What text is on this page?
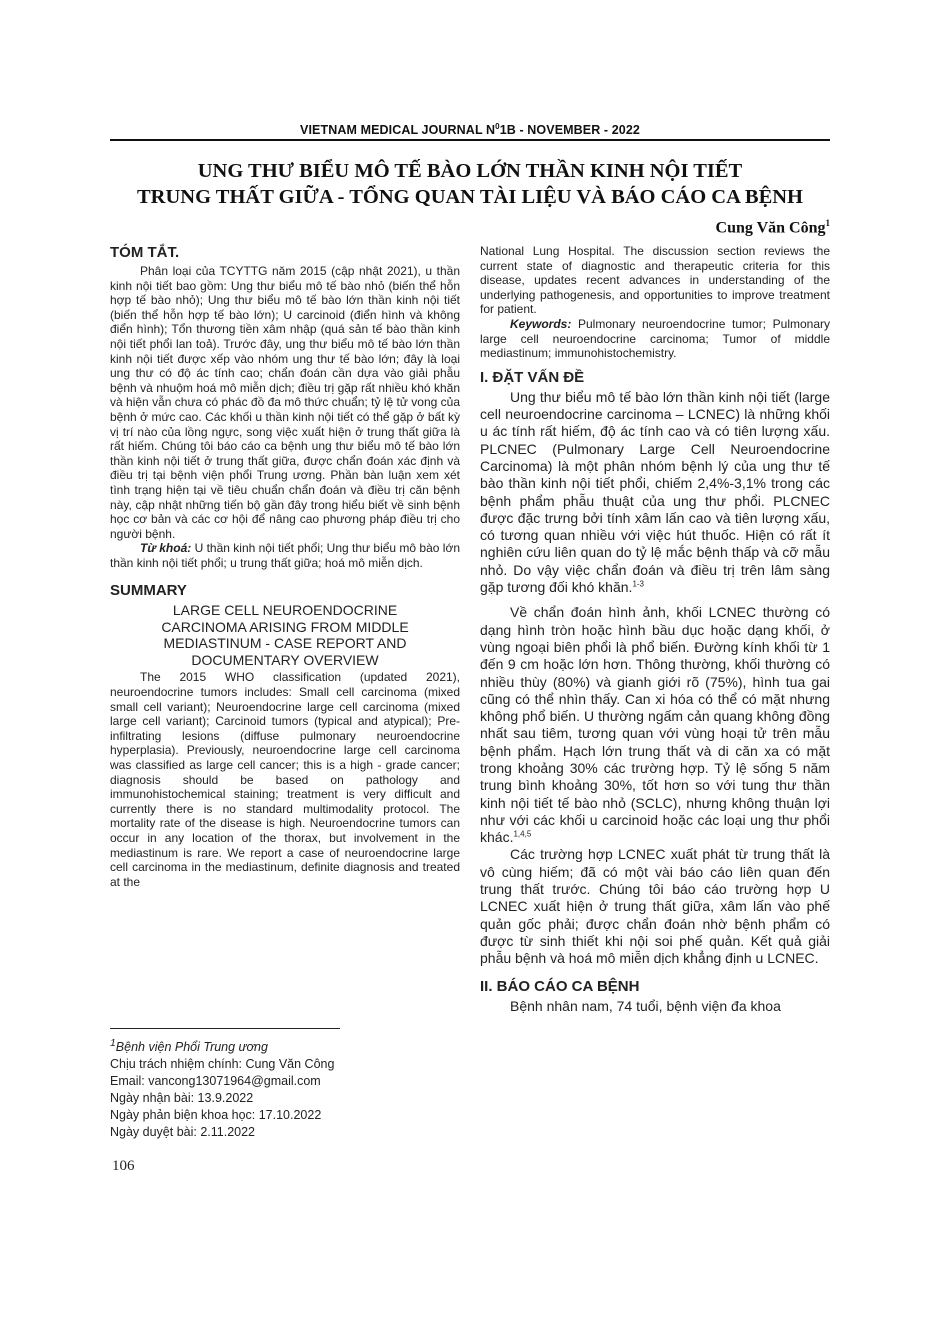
VIETNAM MEDICAL JOURNAL $N^01B$ - NOVEMBER - 2022
UNG THƯ BIỂU MÔ TẾ BÀO LỚN THẦN KINH NỘI TIẾT
TRUNG THẤT GIỮA - TỔNG QUAN TÀI LIỆU VÀ BÁO CÁO CA BỆNH
Cung Văn Công$^1$
TÓM TẮT.

Phân loại của TCYTTG năm 2015 (cập nhật 2021), u thần kinh nội tiết bao gồm: Ung thư biểu mô tế bào nhỏ (biến thể hỗn hợp tế bào nhỏ); Ung thư biểu mô tế bào lớn thần kinh nội tiết (biến thể hỗn hợp tế bào lớn); U carcinoid (điển hình và không điển hình); Tổn thương tiền xâm nhập (quá sản tế bào thần kinh nội tiết phổi lan toả). Trước đây, ung thư biểu mô tế bào lớn thần kinh nội tiết được xếp vào nhóm ung thư tế bào lớn; đây là loại ung thư có độ ác tính cao; chẩn đoán cần dựa vào giải phẫu bệnh và nhuộm hoá mô miễn dịch; điều trị gặp rất nhiều khó khăn và hiện vẫn chưa có phác đồ đa mô thức chuẩn; tỷ lệ tử vong của bệnh ở mức cao. Các khối u thần kinh nội tiết có thể gặp ở bất kỳ vị trí nào của lồng ngực, song việc xuất hiện ở trung thất giữa là rất hiếm. Chúng tôi báo cáo ca bệnh ung thư biểu mô tế bào lớn thần kinh nội tiết ở trung thất giữa, được chẩn đoán xác định và điều trị tại bệnh viện phổi Trung ương. Phần bàn luận xem xét tình trạng hiện tại về tiêu chuẩn chẩn đoán và điều trị căn bệnh này, cập nhật những tiến bộ gần đây trong hiểu biết về sinh bệnh học cơ bản và các cơ hội để nâng cao phương pháp điều trị cho người bệnh.

Từ khoá: U thần kinh nội tiết phổi; Ung thư biểu mô bào lớn thần kinh nội tiết phổi; u trung thất giữa; hoá mô miễn dịch.

SUMMARY
LARGE CELL NEUROENDOCRINE
CARCINOMA ARISING FROM MIDDLE
MEDIASTINUM - CASE REPORT AND
DOCUMENTARY OVERVIEW

The 2015 WHO classification (updated 2021), neuroendocrine tumors includes: Small cell carcinoma (mixed small cell variant); Neuroendocrine large cell carcinoma (mixed large cell variant); Carcinoid tumors (typical and atypical); Pre-infiltrating lesions (diffuse pulmonary neuroendocrine hyperplasia). Previously, neuroendocrine large cell carcinoma was classified as large cell cancer; this is a high - grade cancer; diagnosis should be based on pathology and immunohistochemical staining; treatment is very difficult and currently there is no standard multimodality protocol. The mortality rate of the disease is high. Neuroendocrine tumors can occur in any location of the thorax, but involvement in the mediastinum is rare. We report a case of neuroendocrine large cell carcinoma in the mediastinum, definite diagnosis and treated at the

National Lung Hospital. The discussion section reviews the current state of diagnostic and therapeutic criteria for this disease, updates recent advances in understanding of the underlying pathogenesis, and opportunities to improve treatment for patient.

Keywords: Pulmonary neuroendocrine tumor; Pulmonary large cell neuroendocrine carcinoma; Tumor of middle mediastinum; immunohistochemistry.

I. ĐẶT VẤN ĐỀ

Ung thư biểu mô tế bào lớn thần kinh nội tiết (large cell neuroendocrine carcinoma – LCNEC) là những khối u ác tính rất hiếm, độ ác tính cao và có tiên lượng xấu. PLCNEC (Pulmonary Large Cell Neuroendocrine Carcinoma) là một phân nhóm bệnh lý của ung thư tế bào thần kinh nội tiết phổi, chiếm 2,4%-3,1% trong các bệnh phẩm phẫu thuật của ung thư phổi. PLCNEC được đặc trưng bởi tính xâm lấn cao và tiên lượng xấu, có tương quan nhiều với việc hút thuốc. Hiện có rất ít nghiên cứu liên quan do tỷ lệ mắc bệnh thấp và cỡ mẫu nhỏ. Do vậy việc chẩn đoán và điều trị trên lâm sàng gặp tương đối khó khăn.$^{1-3}$

Về chẩn đoán hình ảnh, khối LCNEC thường có dạng hình tròn hoặc hình bầu dục hoặc dạng khối, ở vùng ngoại biên phổi là phổ biến. Đường kính khối từ 1 đến 9 cm hoặc lớn hơn. Thông thường, khối thường có nhiều thùy (80%) và gianh giới rõ (75%), hình tua gai cũng có thể nhìn thấy. Can xi hóa có thể có mặt nhưng không phổ biến. U thường ngấm cản quang không đồng nhất sau tiêm, tương quan với vùng hoại tử trên mẫu bệnh phẩm. Hạch lớn trung thất và di căn xa có mặt trong khoảng 30% các trường hợp. Tỷ lệ sống 5 năm trung bình khoảng 30%, tốt hơn so với tung thư thần kinh nội tiết tế bào nhỏ (SCLC), nhưng không thuận lợi như với các khối u carcinoid hoặc các loại ung thư phổi khác.$^{1,4,5}$

Các trường hợp LCNEC xuất phát từ trung thất là vô cùng hiếm; đã có một vài báo cáo liên quan đến trung thất trước. Chúng tôi báo cáo trường hợp U LCNEC xuất hiện ở trung thất giữa, xâm lấn vào phế quản gốc phải; được chẩn đoán nhờ bệnh phẩm có được từ sinh thiết khi nội soi phế quản. Kết quả giải phẫu bệnh và hoá mô miễn dịch khẳng định u LCNEC.

II. BÁO CÁO CA BỆNH

Bệnh nhân nam, 74 tuổi, bệnh viện đa khoa

$^1$Bệnh viện Phổi Trung ương

Chịu trách nhiệm chính: Cung Văn Công

Email: vancong13071964@gmail.com

Ngày nhận bài: 13.9.2022

Ngày phản biện khoa học: 17.10.2022

Ngày duyệt bài: 2.11.2022

106
